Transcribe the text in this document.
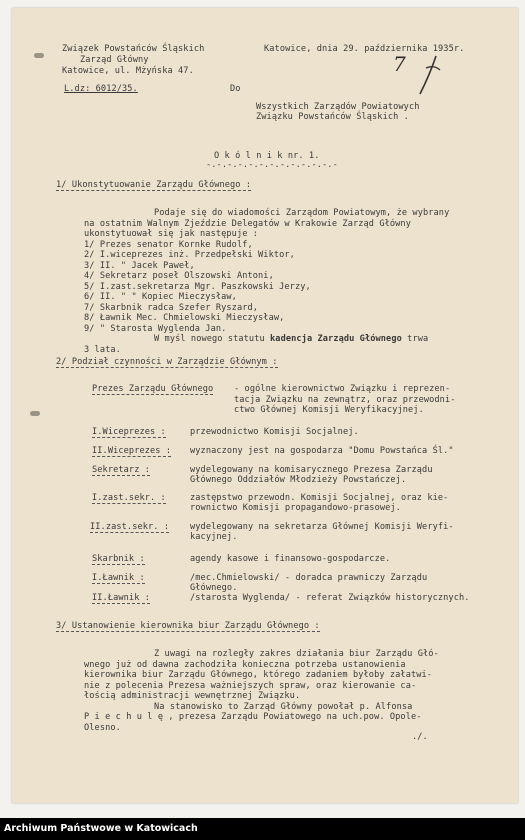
Związek Powstańców Śląskich
Zarząd Główny
Katowice, ul. Mżyńska 47.
Katowice, dnia 29. października 1935r.
L.dz: 6012/35.
7
Do
Wszystkich Zarządów Powiatowych
Związku Powstańców Śląskich .
O k ó l n i k nr. 1.
-.-.-.-.-.-.-.-.-.-.-.-.-
1/ Ukonstytuowanie Zarządu Głównego :
Podaje się do wiadomości Zarządom Powiatowym, że wybrany
na ostatnim Walnym Zjeździe Delegatów w Krakowie Zarząd Główny
ukonstytuował się jak następuje :
1/ Prezes senator Kornke Rudolf,
2/ I.wiceprezes inż. Przedpełski Wiktor,
3/ II. " Jacek Paweł,
4/ Sekretarz poseł Olszowski Antoni,
5/ I.zast.sekretarza Mgr. Paszkowski Jerzy,
6/ II. " " Kopiec Mieczysław,
7/ Skarbnik radca Szefer Ryszard,
8/ Ławnik Mec. Chmielowski Mieczysław,
9/ " Starosta Wyglenda Jan.
W myśl nowego statutu kadencja Zarządu Głównego trwa
3 lata.
2/ Podział czynności w Zarządzie Głównym :
Prezes Zarządu Głównego - ogólne kierownictwo Związku i reprezen-
tacja Związku na zewnątrz, oraz przewodni-
ctwo Głównej Komisji Weryfikacyjnej.
I.Wiceprezes :	przewodnictwo Komisji Socjalnej.
II.Wiceprezes : wyznaczony jest na gospodarza "Domu Powstańca Śl."
Sekretarz :	wydelegowany na komisarycznego Prezesa Zarządu
Głównego Oddziałów Młodzieży Powstańczej.
I.zast.sekr. :	zastępstwo przewodn. Komisji Socjalnej, oraz kie-
rownictwo Komisji propagandowo-prasowej.
II.zast.sekr. : wydelegowany na sekretarza Głównej Komisji Weryfi-
kacyjnej.
Skarbnik :	agendy kasowe i finansowo-gospodarcze.
I.Ławnik :	/mec.Chmielowski/ - doradca prawniczy Zarządu
Głównego.
II.Ławnik :	/starosta Wyglenda/ - referat Związków historycznych.
3/ Ustanowienie kierownika biur Zarządu Głównego :
Z uwagi na rozległy zakres działania biur Zarządu Głó-
wnego już od dawna zachodziła konieczna potrzeba ustanowienia
kierownika biur Zarządu Głównego, którego zadaniem byłoby załatwi-
nie z polecenia Prezesa ważniejszych spraw, oraz kierowanie ca-
łością administracji wewnętrznej Związku.
Na stanowisko to Zarząd Główny powołał p. Alfonsa
P i e c h u l ę , prezesa Zarządu Powiatowego na uch.pow. Opole-
Olesno.
./.
Archiwum Państwowe w Katowicach
